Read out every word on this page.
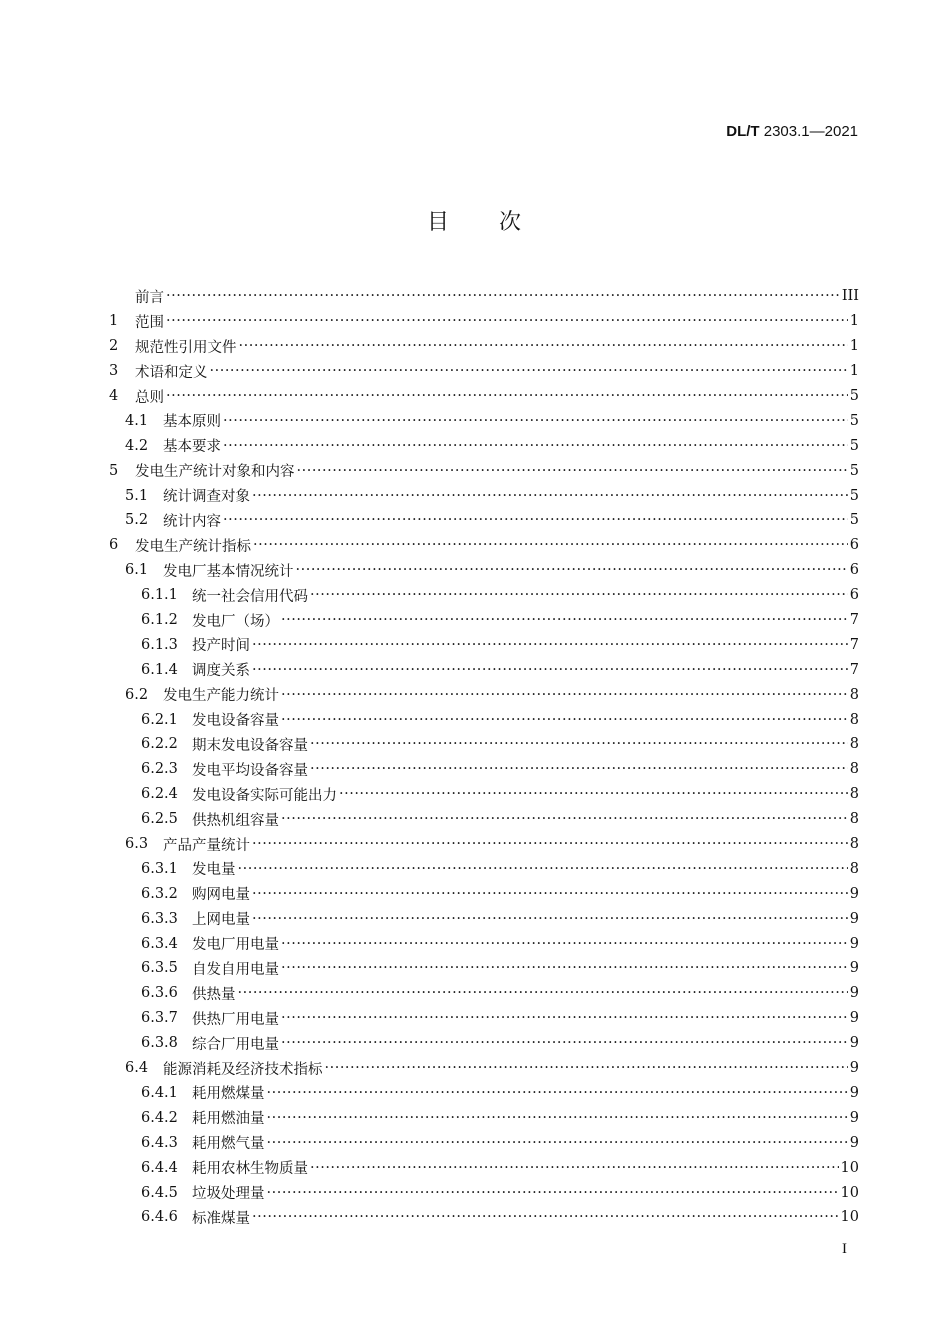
DL/T 2303.1—2021
目　　次
前言 ·····	III
1	范围 ·····	1
2	规范性引用文件 ·····	1
3	术语和定义 ·····	1
4	总则 ·····	5
4.1	基本原则 ·····	5
4.2	基本要求 ·····	5
5	发电生产统计对象和内容 ·····	5
5.1	统计调查对象 ·····	5
5.2	统计内容 ·····	5
6	发电生产统计指标 ·····	6
6.1	发电厂基本情况统计 ·····	6
6.1.1 统一社会信用代码 ·····	6
6.1.2 发电厂（场） ·····	7
6.1.3 投产时间 ·····	7
6.1.4 调度关系 ·····	7
6.2	发电生产能力统计 ·····	8
6.2.1 发电设备容量 ·····	8
6.2.2 期末发电设备容量 ·····	8
6.2.3 发电平均设备容量 ·····	8
6.2.4 发电设备实际可能出力 ·····	8
6.2.5 供热机组容量 ·····	8
6.3	产品产量统计 ·····	8
6.3.1 发电量 ·····	8
6.3.2 购网电量 ·····	9
6.3.3 上网电量 ·····	9
6.3.4 发电厂用电量 ·····	9
6.3.5 自发自用电量 ·····	9
6.3.6 供热量 ·····	9
6.3.7 供热厂用电量 ·····	9
6.3.8 综合厂用电量 ·····	9
6.4	能源消耗及经济技术指标 ·····	9
6.4.1 耗用燃煤量 ·····	9
6.4.2 耗用燃油量 ·····	9
6.4.3 耗用燃气量 ·····	9
6.4.4 耗用农林生物质量 ·····	10
6.4.5 垃圾处理量 ·····	10
6.4.6 标准煤量 ·····	10
I
